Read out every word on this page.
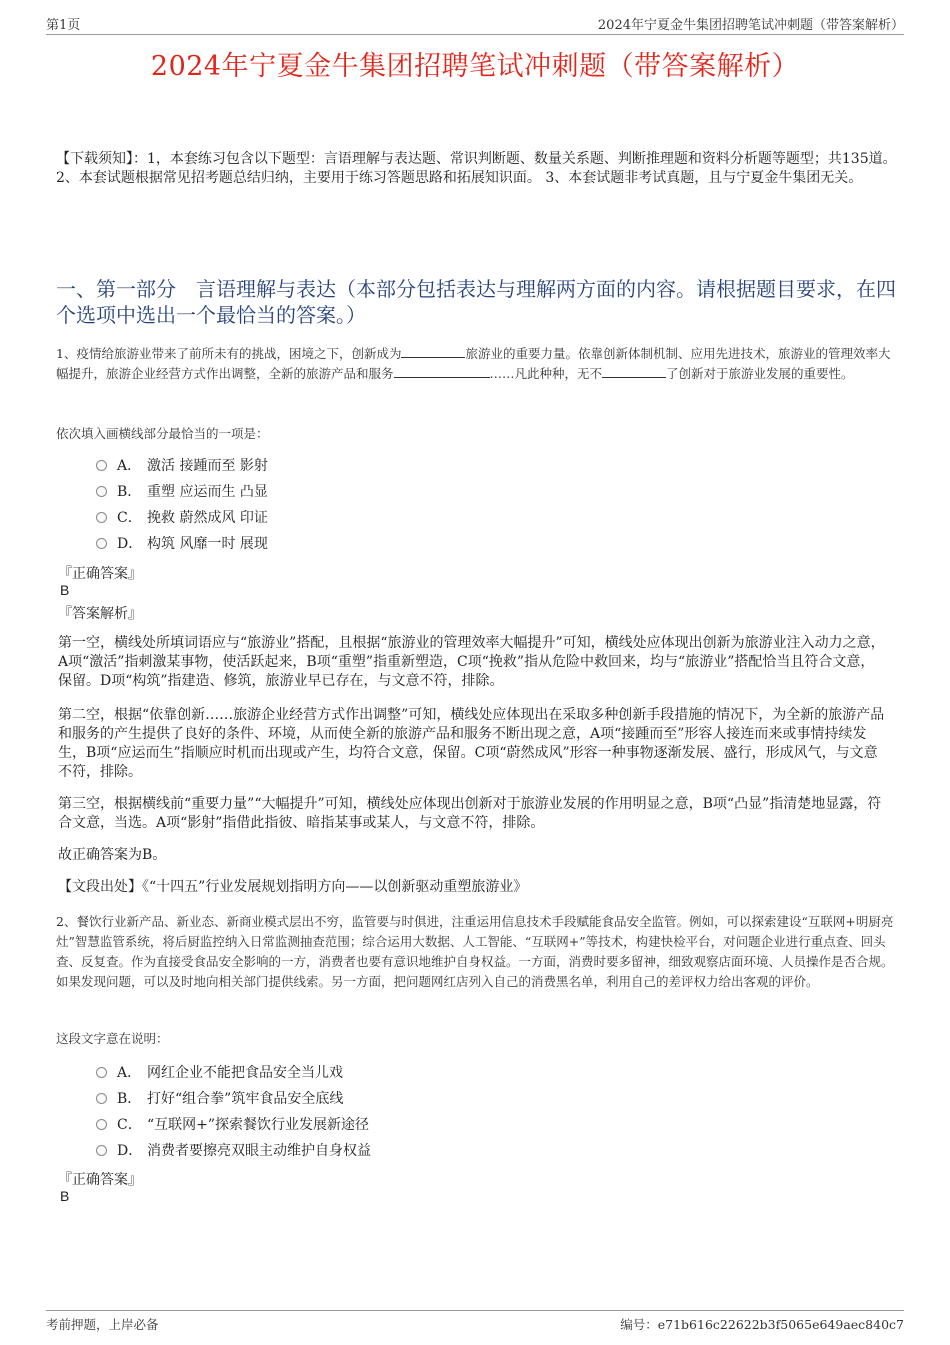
第1页	2024年宁夏金牛集团招聘笔试冲刺题（带答案解析）
2024年宁夏金牛集团招聘笔试冲刺题（带答案解析）
【下载须知】：1，本套练习包含以下题型：言语理解与表达题、常识判断题、数量关系题、判断推理题和资料分析题等题型；共135道。 2、本套试题根据常见招考题总结归纳，主要用于练习答题思路和拓展知识面。 3、本套试题非考试真题，且与宁夏金牛集团无关。
一、第一部分　言语理解与表达（本部分包括表达与理解两方面的内容。请根据题目要求，在四个选项中选出一个最恰当的答案。）
1、疫情给旅游业带来了前所未有的挑战，困境之下，创新成为	旅游业的重要力量。依靠创新体制机制、应用先进技术，旅游业的管理效率大幅提升，旅游企业经营方式作出调整，全新的旅游产品和服务	……凡此种种，无不	了创新对于旅游业发展的重要性。
依次填入画横线部分最恰当的一项是：
A． 激活 接踵而至 影射
B． 重塑 应运而生 凸显
C． 挽救 蔚然成风 印证
D． 构筑 风靡一时 展现
『正确答案』
B
『答案解析』
第一空，横线处所填词语应与“旅游业”搭配，且根据“旅游业的管理效率大幅提升”可知，横线处应体现出创新为旅游业注入动力之意，A项“激活”指刺激某事物，使活跃起来，B项“重塑”指重新塑造，C项“挽救”指从危险中救回来，均与“旅游业”搭配恰当且符合文意，保留。D项“构筑”指建造、修筑，旅游业早已存在，与文意不符，排除。
第二空，根据“依靠创新……旅游企业经营方式作出调整”可知，横线处应体现出在采取多种创新手段措施的情况下，为全新的旅游产品和服务的产生提供了良好的条件、环境，从而使全新的旅游产品和服务不断出现之意，A项“接踵而至”形容人接连而来或事情持续发生，B项“应运而生”指顺应时机而出现或产生，均符合文意，保留。C项“蔚然成风”形容一种事物逐渐发展、盛行，形成风气，与文意不符，排除。
第三空，根据横线前“重要力量”“大幅提升”可知，横线处应体现出创新对于旅游业发展的作用明显之意，B项“凸显”指清楚地显露，符合文意，当选。A项“影射”指借此指彼、暗指某事或某人，与文意不符，排除。
故正确答案为B。
【文段出处】《“十四五”行业发展规划指明方向——以创新驱动重塑旅游业》
2、餐饮行业新产品、新业态、新商业模式层出不穷，监管要与时俱进，注重运用信息技术手段赋能食品安全监管。例如，可以探索建设“互联网+明厨亮灶”智慧监管系统，将后厨监控纳入日常监测抽查范围；综合运用大数据、人工智能、“互联网+”等技术，构建快检平台，对问题企业进行重点查、回头查、反复查。作为直接受食品安全影响的一方，消费者也要有意识地维护自身权益。一方面，消费时要多留神，细致观察店面环境、人员操作是否合规。如果发现问题，可以及时地向相关部门提供线索。另一方面，把问题网红店列入自己的消费黑名单，利用自己的差评权力给出客观的评价。
这段文字意在说明：
A． 网红企业不能把食品安全当儿戏
B． 打好“组合拳”筑牢食品安全底线
C． “互联网+”探索餐饮行业发展新途径
D． 消费者要擦亮双眼主动维护自身权益
『正确答案』
B
考前押题，上岸必备	编号：e71b616c22622b3f5065e649aec840c7
